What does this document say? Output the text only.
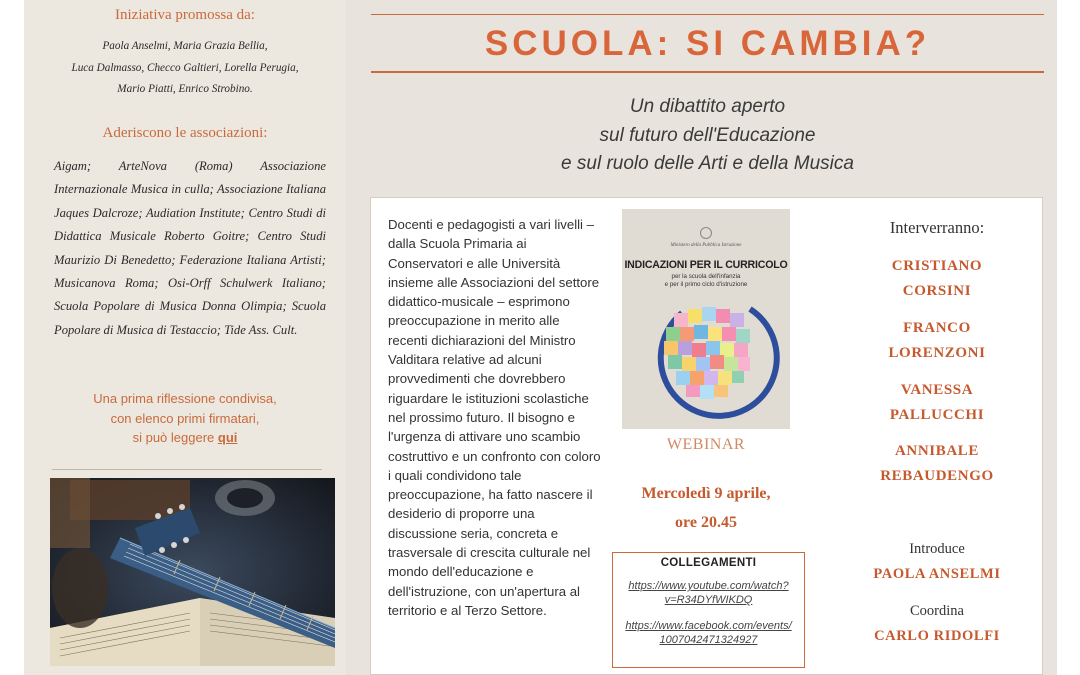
Iniziativa promossa da:
Paola Anselmi, Maria Grazia Bellia,
Luca Dalmasso, Checco Galtieri, Lorella Perugia,
Mario Piatti, Enrico Strobino.
Aderiscono le associazioni:
Aigam; ArteNova (Roma) Associazione Internazionale Musica in culla; Associazione Italiana Jaques Dalcroze; Audiation Institute; Centro Studi di Didattica Musicale Roberto Goitre; Centro Studi Maurizio Di Benedetto; Federazione Italiana Artisti; Musicanova Roma; Osi-Orff Schulwerk Italiano; Scuola Popolare di Musica Donna Olimpia; Scuola Popolare di Musica di Testaccio; Tide Ass. Cult.
Una prima riflessione condivisa,
con elenco primi firmatari,
si può leggere qui
SCUOLA: SI CAMBIA?
Un dibattito aperto
sul futuro dell'Educazione
e sul ruolo delle Arti e della Musica
Docenti e pedagogisti a vari livelli – dalla Scuola Primaria ai Conservatori e alle Università insieme alle Associazioni del settore didattico-musicale – esprimono preoccupazione in merito alle recenti dichiarazioni del Ministro Valditara relative ad alcuni provvedimenti che dovrebbero riguardare le istituzioni scolastiche nel prossimo futuro. Il bisogno e l'urgenza di attivare uno scambio costruttivo e un confronto con coloro i quali condividono tale preoccupazione, ha fatto nascere il desiderio di proporre una discussione seria, concreta e trasversale di crescita culturale nel mondo dell'educazione e dell'istruzione, con un'apertura al territorio e al Terzo Settore.
Ministero della Pubblica Istruzione
INDICAZIONI PER IL CURRICOLO
per la scuola dell'infanzia
e per il primo ciclo d'istruzione
WEBINAR
Mercoledì 9 aprile,
ore 20.45
COLLEGAMENTI
https://www.youtube.com/watch?
v=R34DYfWIKDQ
https://www.facebook.com/events/
1007042471324927
Interverranno:
CRISTIANO
CORSINI
FRANCO
LORENZONI
VANESSA
PALLUCCHI
ANNIBALE
REBAUDENGO
Introduce
PAOLA ANSELMI
Coordina
CARLO RIDOLFI
